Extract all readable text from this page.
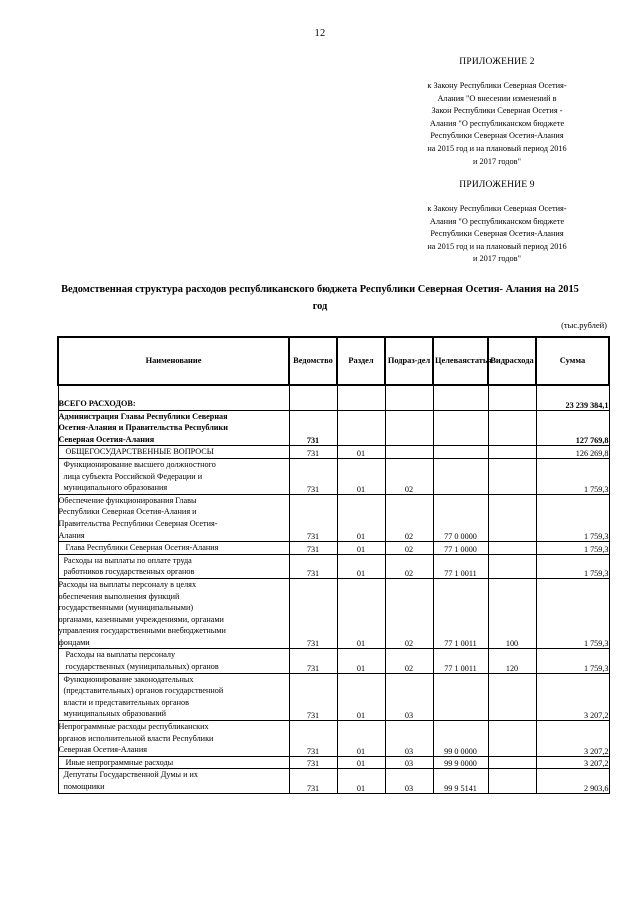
12
ПРИЛОЖЕНИЕ 2
к Закону Республики Северная Осетия-
Алания "О внесении изменений в
Закон Республики Северная Осетия -
Алания "О республиканском бюджете
Республики Северная Осетия-Алания
на 2015 год и на плановый период 2016
и 2017 годов"
ПРИЛОЖЕНИЕ 9
к Закону Республики Северная Осетия-
Алания "О республиканском бюджете
Республики Северная Осетия-Алания
на 2015 год и на плановый период 2016
и 2017 годов"
Ведомственная структура расходов республиканского бюджета Республики Северная Осетия- Алания на 2015 год
(тыс.рублей)
Наименование	Ведомство	Раздел	Подраз-дел	Целеваястатья	Видрасхода	Сумма

ВСЕГО РАСХОДОВ:						23 239 384,1

Администрация Главы Республики Северная
Осетия-Алания и Правительства Республики
Северная Осетия-Алания	731					127 769,8

ОБЩЕГОСУДАРСТВЕННЫЕ ВОПРОСЫ	731	01				126 269,8

Функционирование высшего должностного
лица субъекта Российской Федерации и
муниципального образования	731	01	02			1 759,3

Обеспечение функционирования Главы
Республики Северная Осетия-Алания и
Правительства Республики Северная Осетия-
Алания	731	01	02	77 0 0000		1 759,3

Глава Республики Северная Осетия-Алания	731	01	02	77 1 0000		1 759,3

Расходы на выплаты по оплате труда
работников государственных органов	731	01	02	77 1 0011		1 759,3

Расходы на выплаты персоналу в целях
обеспечения выполнения функций
государственными (муниципальными)
органами, казенными учреждениями, органами
управления государственными внебюджетными
фондами	731	01	02	77 1 0011	100	1 759,3

Расходы на выплаты персоналу
государственных (муниципальных) органов	731	01	02	77 1 0011	120	1 759,3

Функционирование законодательных
(представительных) органов государственной
власти и представительных органов
муниципальных образований	731	01	03			3 207,2

Непрограммные расходы республиканских
органов исполнительной власти Республики
Северная Осетия-Алания	731	01	03	99 0 0000		3 207,2

Иные непрограммные расходы	731	01	03	99 9 0000		3 207,2

Депутаты Государственной Думы и их
помощники	731	01	03	99 9 5141		2 903,6
